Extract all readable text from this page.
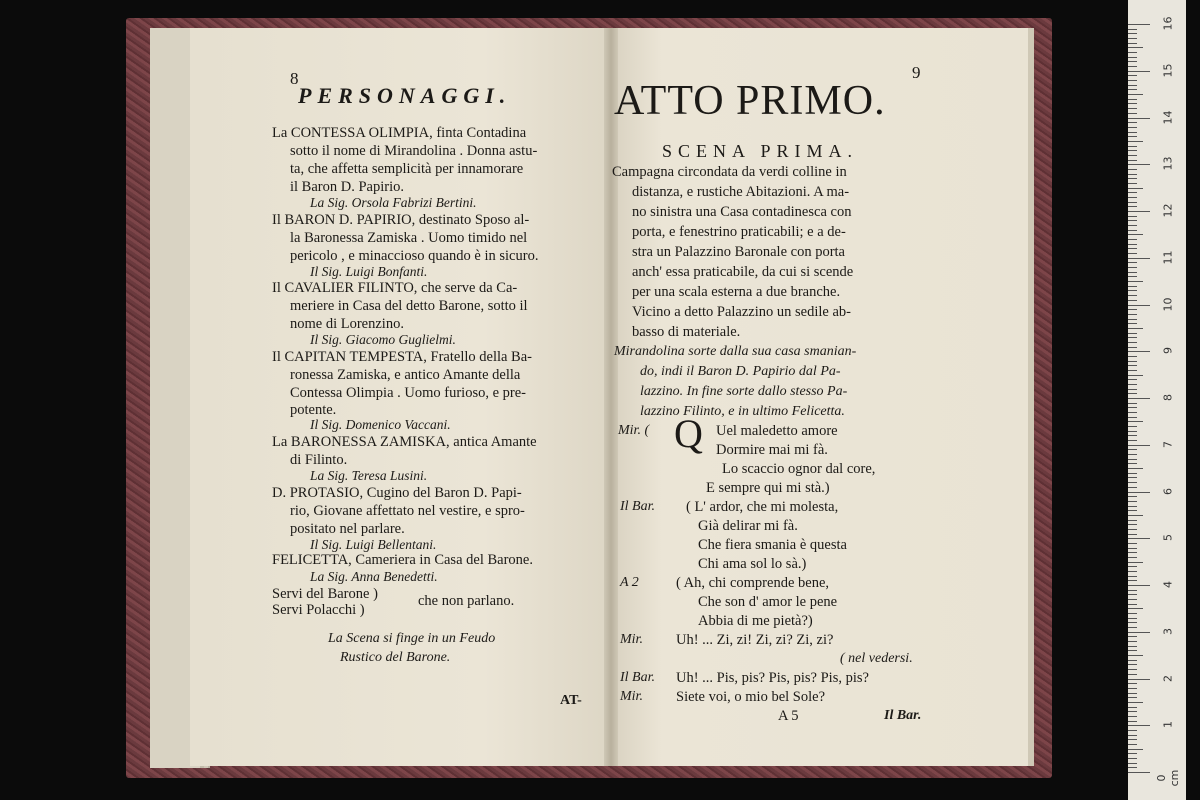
8
PERSONAGGI.
La CONTESSA OLIMPIA, finta Contadina
sotto il nome di Mirandolina . Donna astu-
ta, che affetta semplicità per innamorare
il Baron D. Papirio.
La Sig. Orsola Fabrizi Bertini.
Il BARON D. PAPIRIO, destinato Sposo al-
la Baronessa Zamiska . Uomo timido nel
pericolo , e minaccioso quando è in sicuro.
Il Sig. Luigi Bonfanti.
Il CAVALIER FILINTO, che serve da Ca-
meriere in Casa del detto Barone, sotto il
nome di Lorenzino.
Il Sig. Giacomo Guglielmi.
Il CAPITAN TEMPESTA, Fratello della Ba-
ronessa Zamiska, e antico Amante della
Contessa Olimpia . Uomo furioso, e pre-
potente.
Il Sig. Domenico Vaccani.
La BARONESSA ZAMISKA, antica Amante
di Filinto.
La Sig. Teresa Lusini.
D. PROTASIO, Cugino del Baron D. Papi-
rio, Giovane affettato nel vestire, e spro-
positato nel parlare.
Il Sig. Luigi Bellentani.
FELICETTA, Cameriera in Casa del Barone.
La Sig. Anna Benedetti.
Servi del Barone )
Servi Polacchi )
che non parlano.
La Scena si finge in un Feudo
Rustico del Barone.
AT-
9
ATTO PRIMO.
SCENA PRIMA.
Campagna circondata da verdi colline in
distanza, e rustiche Abitazioni. A ma-
no sinistra una Casa contadinesca con
porta, e fenestrino praticabili; e a de-
stra un Palazzino Baronale con porta
anch' essa praticabile, da cui si scende
per una scala esterna a due branche.
Vicino a detto Palazzino un sedile ab-
basso di materiale.
Mirandolina sorte dalla sua casa smanian-
do, indi il Baron D. Papirio dal Pa-
lazzino. In fine sorte dallo stesso Pa-
lazzino Filinto, e in ultimo Felicetta.
Mir. ( Q Uel maledetto amore
Dormire mai mi fà.
Lo scaccio ognor dal core,
E sempre qui mi stà.)
Il Bar. ( L' ardor, che mi molesta,
Già delirar mi fà.
Che fiera smania è questa
Chi ama sol lo sà.)
A 2	( Ah, chi comprende bene,
Che son d' amor le pene
Abbia di me pietà?)
Mir. Uh! ... Zi, zi! Zi, zi? Zi, zi?
( nel vedersi.
Il Bar. Uh! ... Pis, pis? Pis, pis? Pis, pis?
Mir. Siete voi, o mio bel Sole?
A 5	Il Bar.
0 cm
1
2
3
4
5
6
7
8
9
10
11
12
13
14
15
16
